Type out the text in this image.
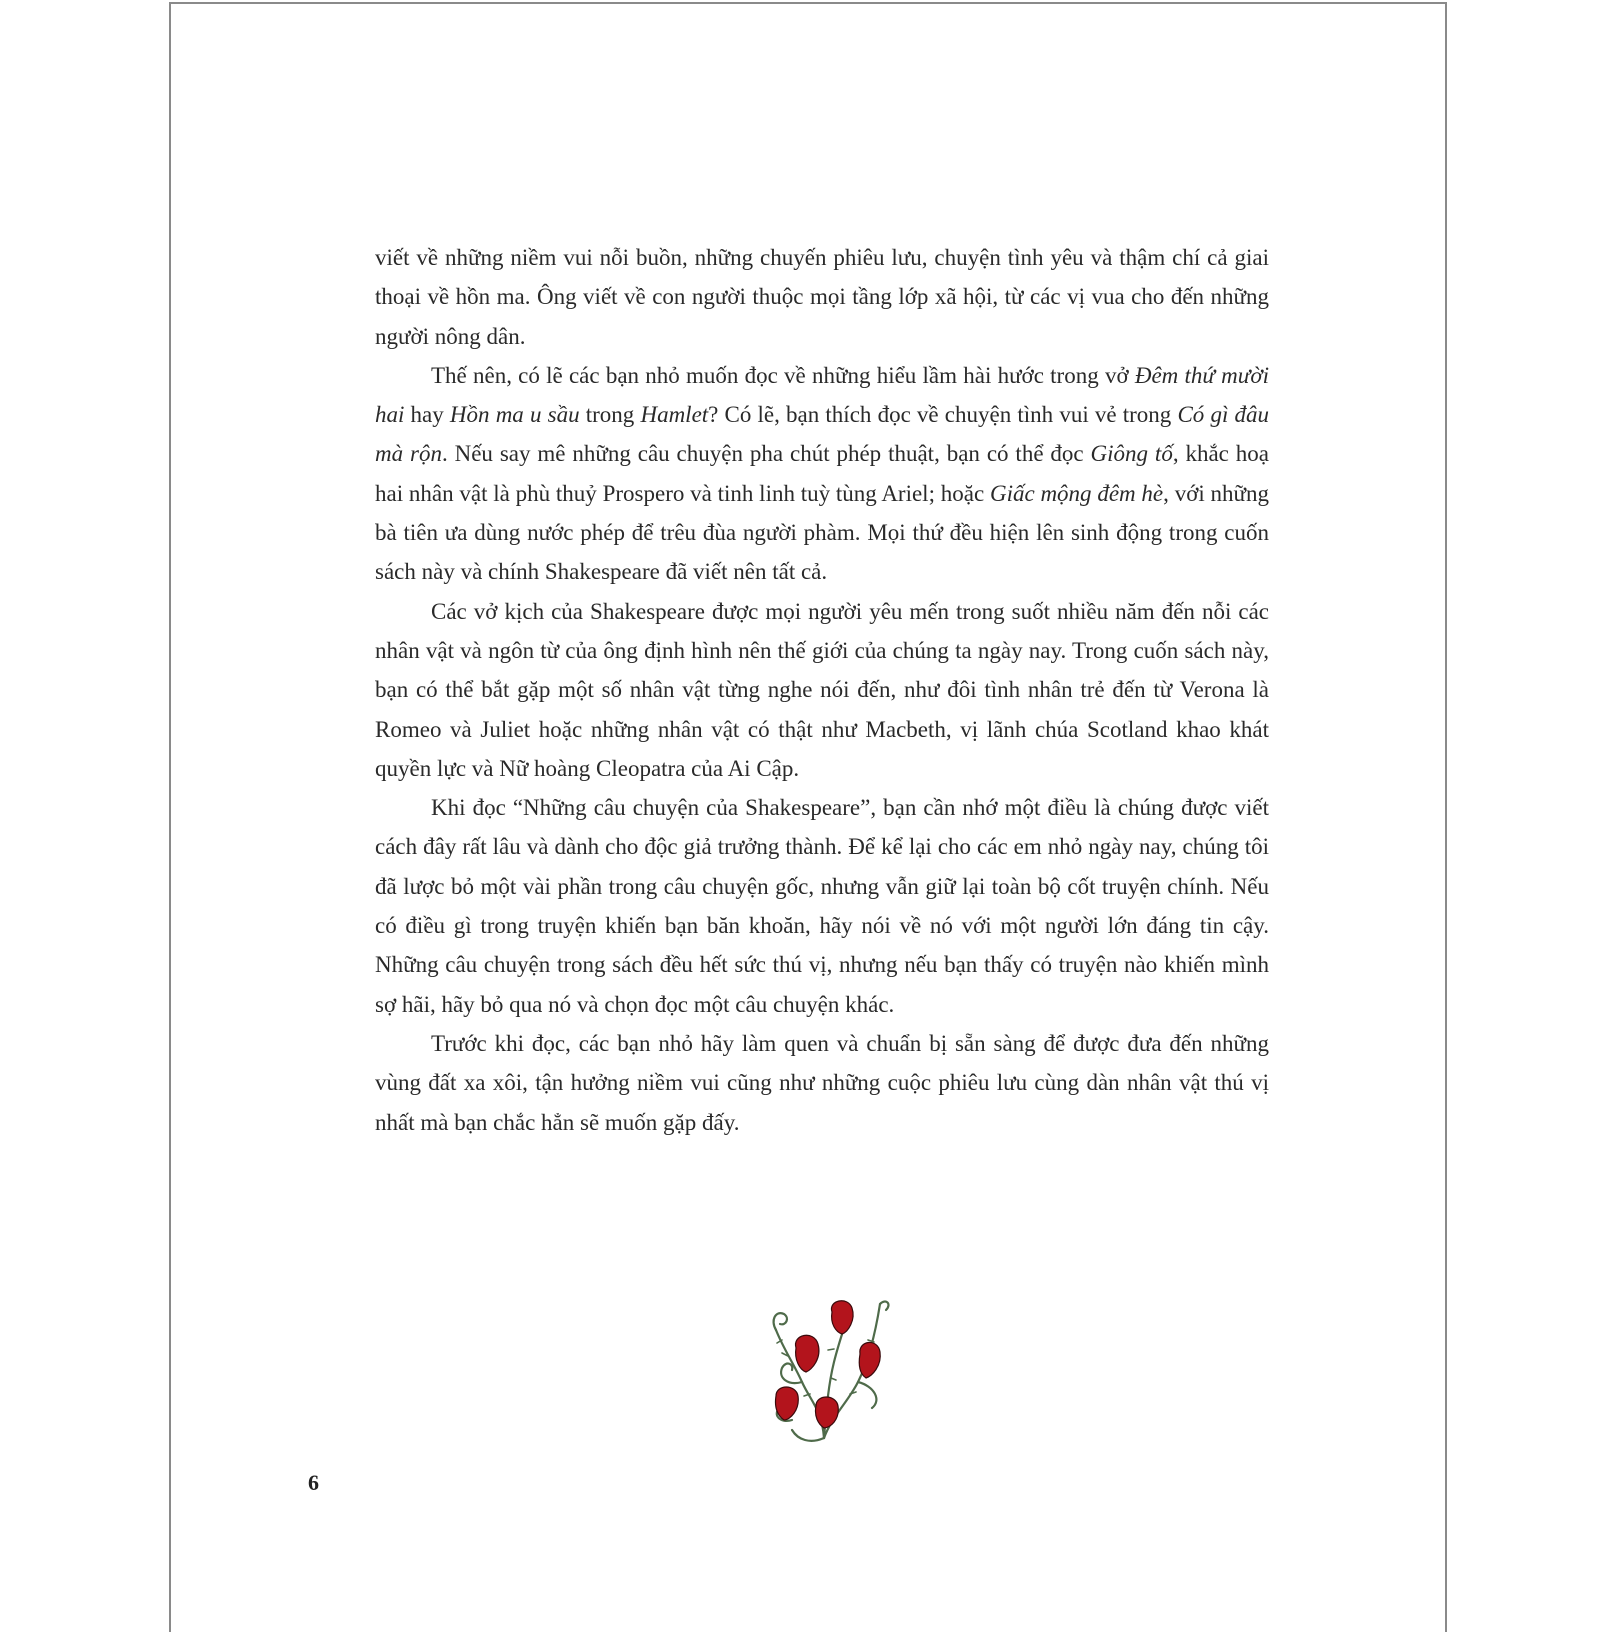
viết về những niềm vui nỗi buồn, những chuyến phiêu lưu, chuyện tình yêu và thậm chí cả giai thoại về hồn ma. Ông viết về con người thuộc mọi tầng lớp xã hội, từ các vị vua cho đến những người nông dân.

Thế nên, có lẽ các bạn nhỏ muốn đọc về những hiểu lầm hài hước trong vở Đêm thứ mười hai hay Hồn ma u sầu trong Hamlet? Có lẽ, bạn thích đọc về chuyện tình vui vẻ trong Có gì đâu mà rộn. Nếu say mê những câu chuyện pha chút phép thuật, bạn có thể đọc Giông tố, khắc hoạ hai nhân vật là phù thuỷ Prospero và tinh linh tuỳ tùng Ariel; hoặc Giấc mộng đêm hè, với những bà tiên ưa dùng nước phép để trêu đùa người phàm. Mọi thứ đều hiện lên sinh động trong cuốn sách này và chính Shakespeare đã viết nên tất cả.

Các vở kịch của Shakespeare được mọi người yêu mến trong suốt nhiều năm đến nỗi các nhân vật và ngôn từ của ông định hình nên thế giới của chúng ta ngày nay. Trong cuốn sách này, bạn có thể bắt gặp một số nhân vật từng nghe nói đến, như đôi tình nhân trẻ đến từ Verona là Romeo và Juliet hoặc những nhân vật có thật như Macbeth, vị lãnh chúa Scotland khao khát quyền lực và Nữ hoàng Cleopatra của Ai Cập.

Khi đọc “Những câu chuyện của Shakespeare”, bạn cần nhớ một điều là chúng được viết cách đây rất lâu và dành cho độc giả trưởng thành. Để kể lại cho các em nhỏ ngày nay, chúng tôi đã lược bỏ một vài phần trong câu chuyện gốc, nhưng vẫn giữ lại toàn bộ cốt truyện chính. Nếu có điều gì trong truyện khiến bạn băn khoăn, hãy nói về nó với một người lớn đáng tin cậy. Những câu chuyện trong sách đều hết sức thú vị, nhưng nếu bạn thấy có truyện nào khiến mình sợ hãi, hãy bỏ qua nó và chọn đọc một câu chuyện khác.

Trước khi đọc, các bạn nhỏ hãy làm quen và chuẩn bị sẵn sàng để được đưa đến những vùng đất xa xôi, tận hưởng niềm vui cũng như những cuộc phiêu lưu cùng dàn nhân vật thú vị nhất mà bạn chắc hẳn sẽ muốn gặp đấy.

6
